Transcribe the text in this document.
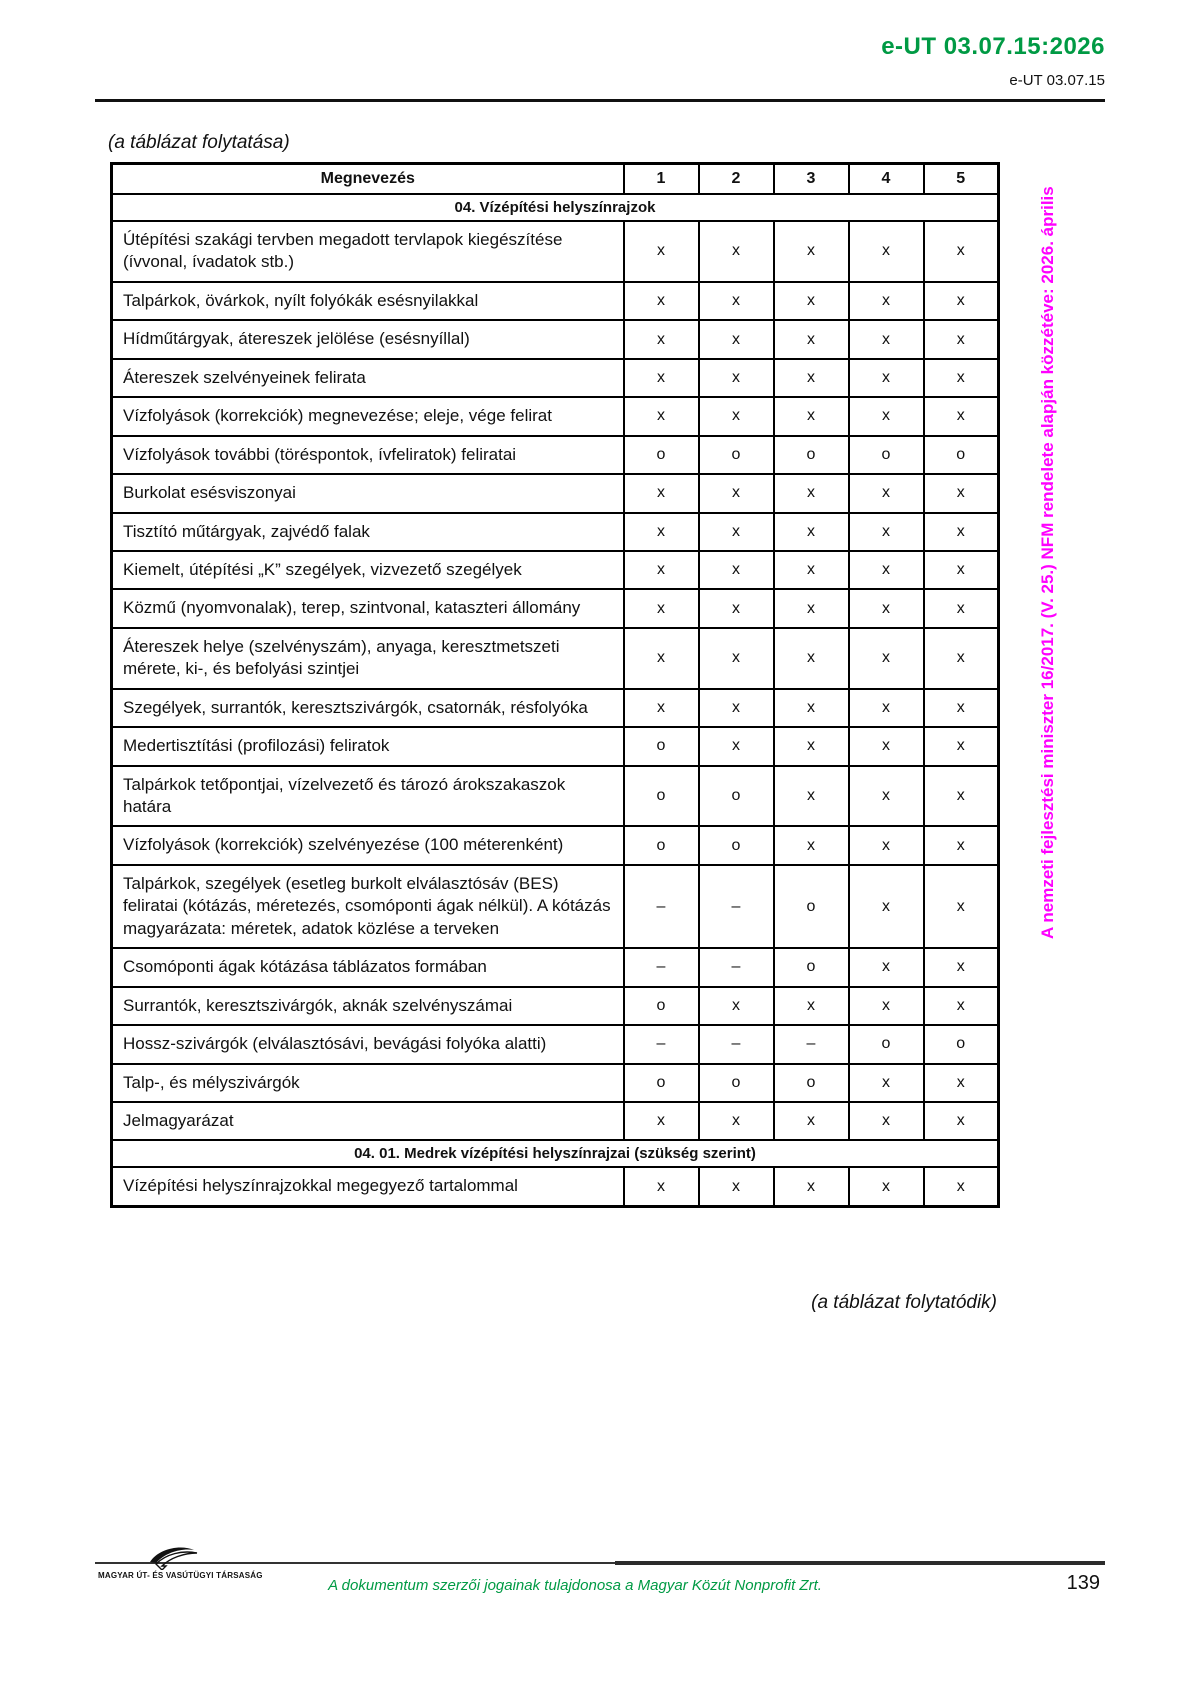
e-UT 03.07.15:2026
e-UT 03.07.15
(a táblázat folytatása)
Megnevezés	1	2	3	4	5
04. Vízépítési helyszínrajzok					
Útépítési szakági tervben megadott tervlapok kiegészítése (ívvonal, ívadatok stb.)	x	x	x	x	x
Talpárkok, övárkok, nyílt folyókák esésnyilakkal	x	x	x	x	x
Hídműtárgyak, átereszek jelölése (esésnyíllal)	x	x	x	x	x
Átereszek szelvényeinek felirata	x	x	x	x	x
Vízfolyások (korrekciók) megnevezése; eleje, vége felirat	x	x	x	x	x
Vízfolyások további (töréspontok, ívfeliratok) feliratai	o	o	o	o	o
Burkolat esésviszonyai	x	x	x	x	x
Tisztító műtárgyak, zajvédő falak	x	x	x	x	x
Kiemelt, útépítési „K” szegélyek, vizvezető szegélyek	x	x	x	x	x
Közmű (nyomvonalak), terep, szintvonal, kataszteri állomány	x	x	x	x	x
Átereszek helye (szelvényszám), anyaga, keresztmetszeti mérete, ki-, és befolyási szintjei	x	x	x	x	x
Szegélyek, surrantók, keresztszivárgók, csatornák, résfolyóka	x	x	x	x	x
Medertisztítási (profilozási) feliratok	o	x	x	x	x
Talpárkok tetőpontjai, vízelvezető és tározó árokszakaszok határa	o	o	x	x	x
Vízfolyások (korrekciók) szelvényezése (100 méterenként)	o	o	x	x	x
Talpárkok, szegélyek (esetleg burkolt elválasztósáv (BES) feliratai (kótázás, méretezés, csomóponti ágak nélkül). A kótázás magyarázata: méretek, adatok közlése a terveken	–	–	o	x	x
Csomóponti ágak kótázása táblázatos formában	–	–	o	x	x
Surrantók, keresztszivárgók, aknák szelvényszámai	o	x	x	x	x
Hossz-szivárgók (elválasztósávi, bevágási folyóka alatti)	–	–	–	o	o
Talp-, és mélyszivárgók	o	o	o	x	x
Jelmagyarázat	x	x	x	x	x
04. 01. Medrek vízépítési helyszínrajzai (szükség szerint)					
Vízépítési helyszínrajzokkal megegyező tartalommal	x	x	x	x	x
(a táblázat folytatódik)
A nemzeti fejlesztési miniszter 16/2017. (V. 25.) NFM rendelete alapján közzétéve: 2026. április
MAGYAR ÚT- ÉS VASÚTÜGYI TÁRSASÁG
A dokumentum szerzői jogainak tulajdonosa a Magyar Közút Nonprofit Zrt.	139
